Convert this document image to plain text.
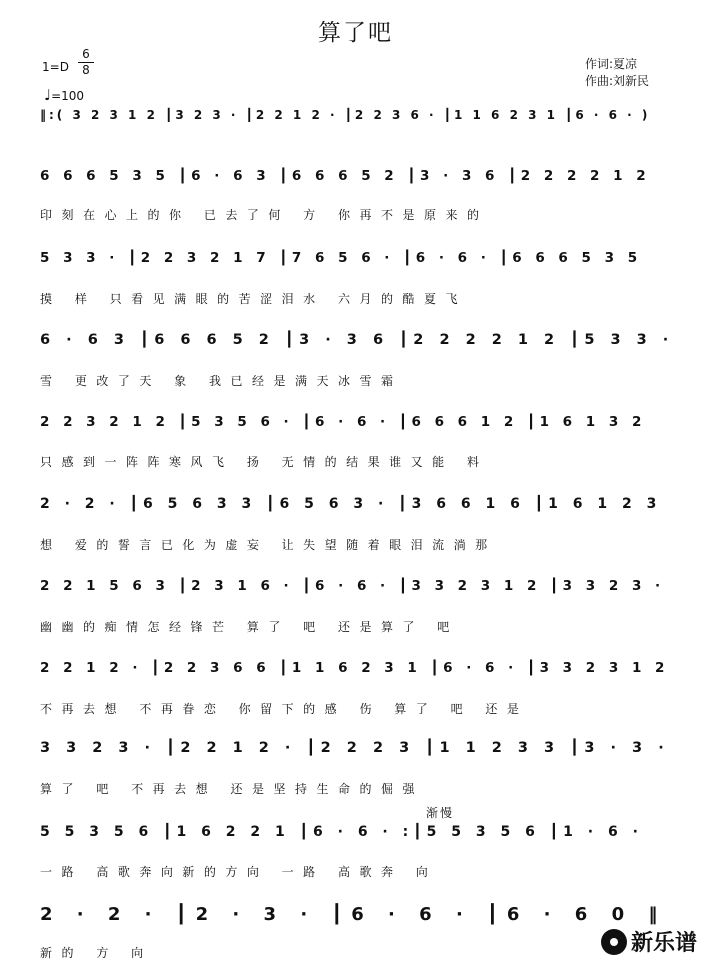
算了吧
1=D
6
8
♩=100
作词:夏凉
作曲:刘新民
‖:( 3 2 3 1 2 ┃3 2 3 · ┃2 2 1 2 · ┃2 2 3 6 · ┃1 1 6 2 3 1 ┃6 · 6 · )
6 6 6 5 3 5 ┃6 · 6 3 ┃6 6 6 5 2 ┃3 · 3 6 ┃2 2 2 2 1 2
印刻在心上的你 已去了何 方 你再不是原来的
5 3 3 · ┃2 2 3 2 1 7 ┃7 6 5 6 · ┃6 · 6 · ┃6 6 6 5 3 5
摸 样 只看见满眼的苦涩泪水 六月的酷夏飞
6 · 6 3 ┃6 6 6 5 2 ┃3 · 3 6 ┃2 2 2 2 1 2 ┃5 3 3 ·
雪 更改了天 象 我已经是满天冰雪霜
2 2 3 2 1 2 ┃5 3 5 6 · ┃6 · 6 · ┃6 6 6 1 2 ┃1 6 1 3 2
只感到一阵阵寒风飞 扬 无情的结果谁又能 料
2 · 2 · ┃6 5 6 3 3 ┃6 5 6 3 · ┃3 6 6 1 6 ┃1 6 1 2 3
想 爱的誓言已化为虚妄 让失望随着眼泪流淌那
2 2 1 5 6 3 ┃2 3 1 6 · ┃6 · 6 · ┃3 3 2 3 1 2 ┃3 3 2 3 ·
幽幽的痴情怎经锋芒 算了 吧 还是算了 吧
2 2 1 2 · ┃2 2 3 6 6 ┃1 1 6 2 3 1 ┃6 · 6 · ┃3 3 2 3 1 2
不再去想 不再眷恋 你留下的感 伤 算了 吧 还是
3 3 2 3 · ┃2 2 1 2 · ┃2 2 2 3 ┃1 1 2 3 3 ┃3 · 3 ·
算了 吧 不再去想 还是坚持生命的倔强
渐慢
5 5 3 5 6 ┃1 6 2 2 1 ┃6 · 6 · :┃5 5 3 5 6 ┃1 · 6 ·
一路 高歌奔向新的方向 一路 高歌奔 向
2 · 2 · ┃2 · 3 · ┃6 · 6 · ┃6 · 6 0 ‖
新的 方 向	新乐谱
